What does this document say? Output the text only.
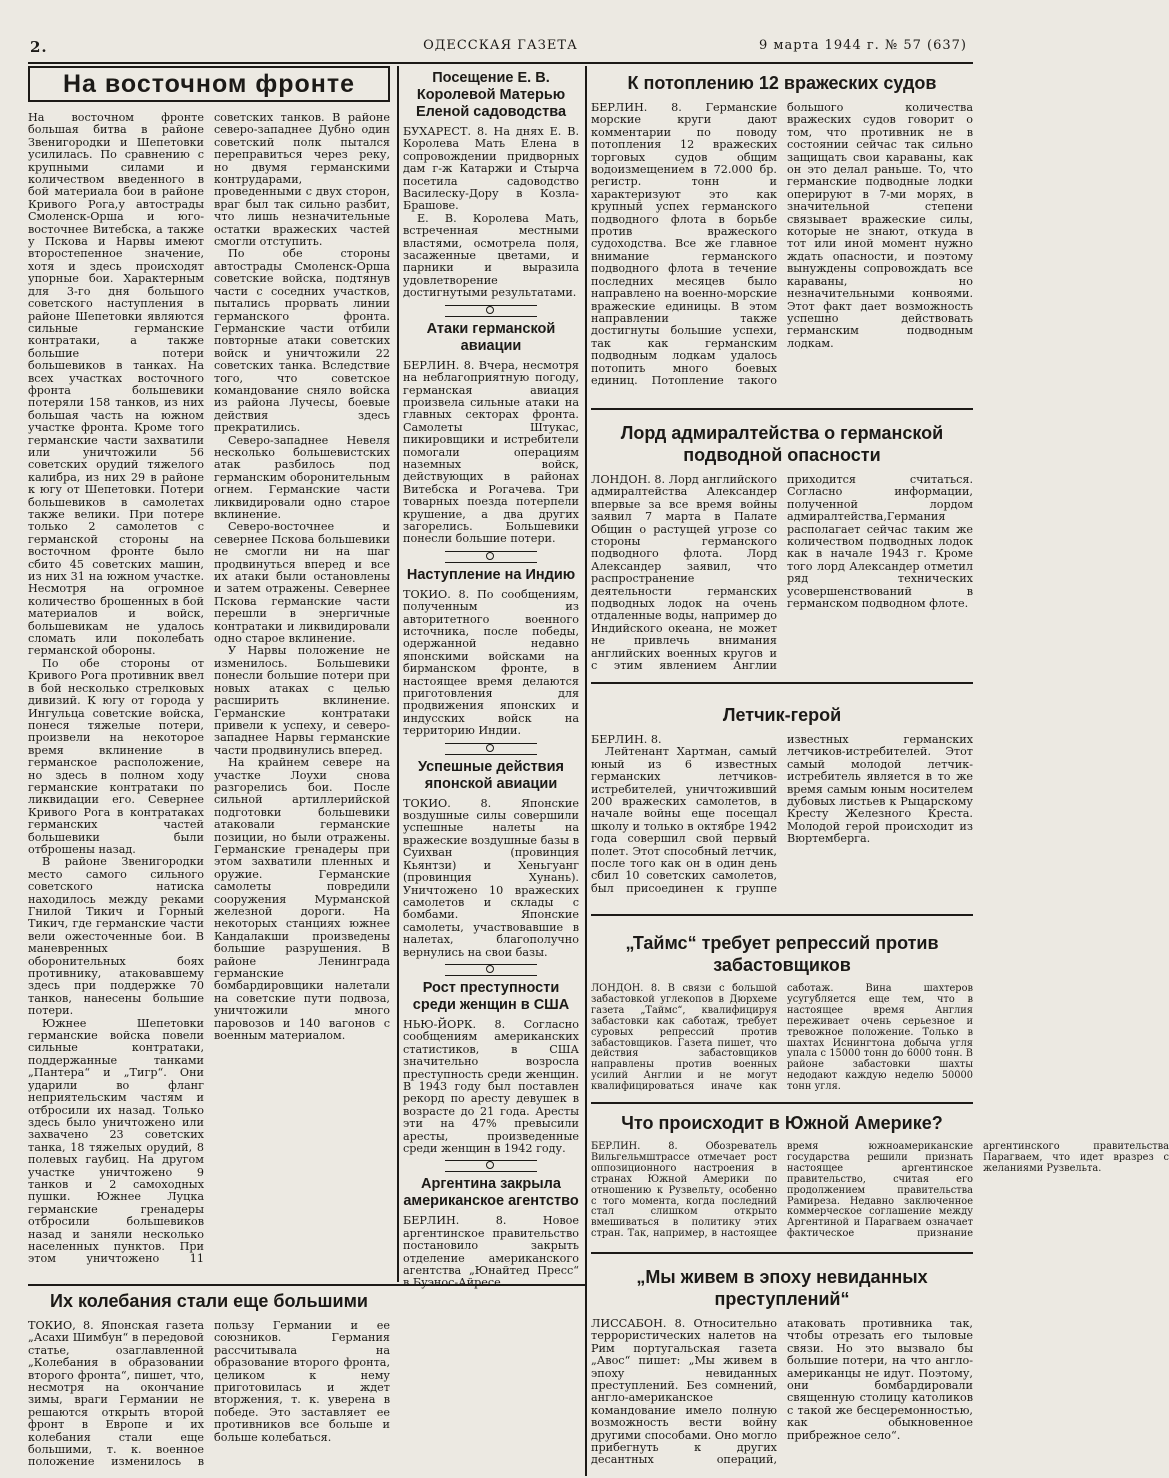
2.	ОДЕССКАЯ ГАЗЕТА	9 марта 1944 г. № 57 (637)
На восточном фронте

На восточном фронте большая битва в районе Звенигородки и Шепетовки усилилась. По сравнению с крупными силами и количеством введенного в бой материала бои в районе Кривого Рога,у автострады Смоленск-Орша и юго-восточнее Витебска, а также у Пскова и Нарвы имеют второстепенное значение, хотя и здесь происходят упорные бои. Характерным для 3-го дня большого советского наступления в районе Шепетовки являются сильные германские контратаки, а также большие потери большевиков в танках. На всех участках восточного фронта большевики потеряли 158 танков, из них большая часть на южном участке фронта. Кроме того германские части захватили или уничтожили 56 советских орудий тяжелого калибра, из них 29 в районе к югу от Шепетовки. Потери большевиков в самолетах также велики. При потере только 2 самолетов с германской стороны на восточном фронте было сбито 45 советских машин, из них 31 на южном участке. Несмотря на огромное количество брошенных в бой материалов и войск, большевикам не удалось сломать или поколебать германской обороны.

По обе стороны от Кривого Рога противник ввел в бой несколько стрелковых дивизий. К югу от города у Ингульца советские войска, понеся тяжелые потери, произвели на некоторое время вклинение в германское расположение, но здесь в полном ходу германские контратаки по ликвидации его. Севернее Кривого Рога в контратаках германских частей большевики были отброшены назад.

В районе Звенигородки место самого сильного советского натиска находилось между реками Гнилой Тикич и Горный Тикич, где германские части вели ожесточенные бои. В маневренных оборонительных боях противнику, атаковавшему здесь при поддержке 70 танков, нанесены большие потери.

Южнее Шепетовки германские войска повели сильные контратаки, поддержанные танками „Пантера“ и „Тигр“. Они ударили во фланг неприятельским частям и отбросили их назад. Только здесь было уничтожено или захвачено 23 советских танка, 18 тяжелых орудий, 8 полевых гаубиц. На другом участке уничтожено 9 танков и 2 самоходных пушки. Южнее Луцка германские гренадеры отбросили большевиков назад и заняли несколько населенных пунктов. При этом уничтожено 11 советских танков. В районе северо-западнее Дубно один советский полк пытался переправиться через реку, но двумя германскими контрударами, проведенными с двух сторон, враг был так сильно разбит, что лишь незначительные остатки вражеских частей смогли отступить.

По обе стороны автострады Смоленск-Орша советские войска, подтянув части с соседних участков, пытались прорвать линии германского фронта. Германские части отбили повторные атаки советских войск и уничтожили 22 советских танка. Вследствие того, что советское командование сняло войска из района Лучесы, боевые действия здесь прекратились.

Северо-западнее Невеля несколько большевистских атак разбилось под германским оборонительным огнем. Германские части ликвидировали одно старое вклинение.

Северо-восточнее и севернее Пскова большевики не смогли ни на шаг продвинуться вперед и все их атаки были остановлены и затем отражены. Севернее Пскова германские части перешли в энергичные контратаки и ликвидировали одно старое вклинение.

У Нарвы положение не изменилось. Большевики понесли большие потери при новых атаках с целью расширить вклинение. Германские контратаки привели к успеху, и северо-западнее Нарвы германские части продвинулись вперед.

На крайнем севере на участке Лоухи снова разгорелись бои. После сильной артиллерийской подготовки большевики атаковали германские позиции, но были отражены. Германские гренадеры при этом захватили пленных и оружие. Германские самолеты повредили сооружения Мурманской железной дороги. На некоторых станциях южнее Кандалакши произведены большие разрушения. В районе Ленинграда германские бомбардировщики налетали на советские пути подвоза, уничтожили много паровозов и 140 вагонов с военным материалом.

Их колебания стали еще большими

ТОКИО, 8. Японская газета „Асахи Шимбун“ в передовой статье, озаглавленной „Колебания в образовании второго фронта“, пишет, что, несмотря на окончание зимы, враги Германии не решаются открыть второй фронт в Европе и их колебания стали еще большими, т. к. военное положение изменилось в пользу Германии и ее союзников. Германия рассчитывала на образование второго фронта, целиком к нему приготовилась и ждет вторжения, т. к. уверена в победе. Это заставляет ее противников все больше и больше колебаться.

Посещение Е. В. Королевой Матерью Еленой садоводства

БУХАРЕСТ. 8. На днях Е. В. Королева Мать Елена в сопровождении придворных дам г-ж Катаржи и Стырча посетила садоводство Василеску-Дору в Козла-Брашове.

Е. В. Королева Мать, встреченная местными властями, осмотрела поля, засаженные цветами, и парники и выразила удовлетворение достигнутыми результатами.

Атаки германской авиации

БЕРЛИН. 8. Вчера, несмотря на неблагоприятную погоду, германская авиация произвела сильные атаки на главных секторах фронта. Самолеты Штукас, пикировщики и истребители помогали операциям наземных войск, действующих в районах Витебска и Рогачева. Три товарных поезда потерпели крушение, а два других загорелись. Большевики понесли большие потери.

Наступление на Индию

ТОКИО. 8. По сообщениям, полученным из авторитетного военного источника, после победы, одержанной недавно японскими войсками на бирманском фронте, в настоящее время делаются приготовления для продвижения японских и индусских войск на территорию Индии.

Успешные действия японской авиации

ТОКИО. 8. Японские воздушные силы совершили успешные налеты на вражеские воздушные базы в Суихван (провинция Кьянтзи) и Хеньгуанг (провинция Хунань). Уничтожено 10 вражеских самолетов и склады с бомбами. Японские самолеты, участвовавшие в налетах, благополучно вернулись на свои базы.

Рост преступности среди женщин в США

НЬЮ-ЙОРК. 8. Согласно сообщениям американских статистиков, в США значительно возросла преступность среди женщин. В 1943 году был поставлен рекорд по аресту девушек в возрасте до 21 года. Аресты эти на 47% превысили аресты, произведенные среди женщин в 1942 году.

Аргентина закрыла американское агентство

БЕРЛИН. 8. Новое аргентинское правительство постановило закрыть отделение американского агентства „Юнайтед Пресс“ в Буэнос-Айресе.

К потоплению 12 вражеских судов

БЕРЛИН. 8. Германские морские круги дают комментарии по поводу потопления 12 вражеских торговых судов общим водоизмещением в 72.000 бр. регистр. тонн и характеризуют это как крупный успех германского подводного флота в борьбе против вражеского судоходства. Все же главное внимание германского подводного флота в течение последних месяцев было направлено на военно-морские вражеские единицы. В этом направлении также достигнуты большие успехи, так как германским подводным лодкам удалось потопить много боевых единиц. Потопление такого большого количества вражеских судов говорит о том, что противник не в состоянии сейчас так сильно защищать свои караваны, как он это делал раньше. То, что германские подводные лодки оперируют в 7-ми морях, в значительной степени связывает вражеские силы, которые не знают, откуда в тот или иной момент нужно ждать опасности, и поэтому вынуждены сопровождать все караваны, но незначительными конвоями. Этот факт дает возможность успешно действовать германским подводным лодкам.

Лорд адмиралтейства о германской подводной опасности

ЛОНДОН. 8. Лорд английского адмиралтейства Александер впервые за все время войны заявил 7 марта в Палате Общин о растущей угрозе со стороны германского подводного флота. Лорд Александер заявил, что распространение деятельности германских подводных лодок на очень отдаленные воды, например до Индийского океана, не может не привлечь внимания английских военных кругов и с этим явлением Англии приходится считаться. Согласно информации, полученной лордом адмиралтейства,Германия располагает сейчас таким же количеством подводных лодок как в начале 1943 г. Кроме того лорд Александер отметил ряд технических усовершенствований в германском подводном флоте.

Летчик-герой

БЕРЛИН. 8.

Лейтенант Хартман, самый юный из 6 известных германских летчиков-истребителей, уничтоживший 200 вражеских самолетов, в начале войны еще посещал школу и только в октябре 1942 года совершил свой первый полет. Этот способный летчик, после того как он в один день сбил 10 советских самолетов, был присоединен к группе известных германских летчиков-истребителей. Этот самый молодой летчик-истребитель является в то же время самым юным носителем дубовых листьев к Рыцарскому Кресту Железного Креста. Молодой герой происходит из Вюртемберга.

„Таймс“ требует репрессий против забастовщиков

ЛОНДОН. 8. В связи с большой забастовкой углекопов в Дюрхеме газета „Таймс“, квалифицируя забастовки как саботаж, требует суровых репрессий против забастовщиков. Газета пишет, что действия забастовщиков направлены против военных усилий Англии и не могут квалифицироваться иначе как саботаж. Вина шахтеров усугубляется еще тем, что в настоящее время Англия переживает очень серьезное и тревожное положение. Только в шахтах Иснингтона добыча угля упала с 15000 тонн до 6000 тонн. В районе забастовки шахты недодают каждую неделю 50000 тонн угля.

Что происходит в Южной Америке?

БЕРЛИН. 8. Обозреватель Вильгельмштрассе отмечает рост оппозиционного настроения в странах Южной Америки по отношению к Рузвельту, особенно с того момента, когда последний стал слишком открыто вмешиваться в политику этих стран. Так, например, в настоящее время южноамериканские государства решили признать настоящее аргентинское правительство, считая его продолжением правительства Рамиреза. Недавно заключенное коммерческое соглашение между Аргентиной и Парагваем означает фактическое признание аргентинского правительства Парагваем, что идет вразрез с желаниями Рузвельта.

„Мы живем в эпоху невиданных преступлений“

ЛИССАБОН. 8. Относительно террористических налетов на Рим португальская газета „Авос“ пишет: „Мы живем в эпоху невиданных преступлений. Без сомнений, англо-американское командование имело полную возможность вести войну другими способами. Оно могло прибегнуть к других десантных операций, атаковать противника так, чтобы отрезать его тыловые связи. Но это вызвало бы большие потери, на что англо-американцы не идут. Поэтому, они бомбардировали священную столицу католиков с такой же бесцеремонностью, как обыкновенное прибрежное село“.
